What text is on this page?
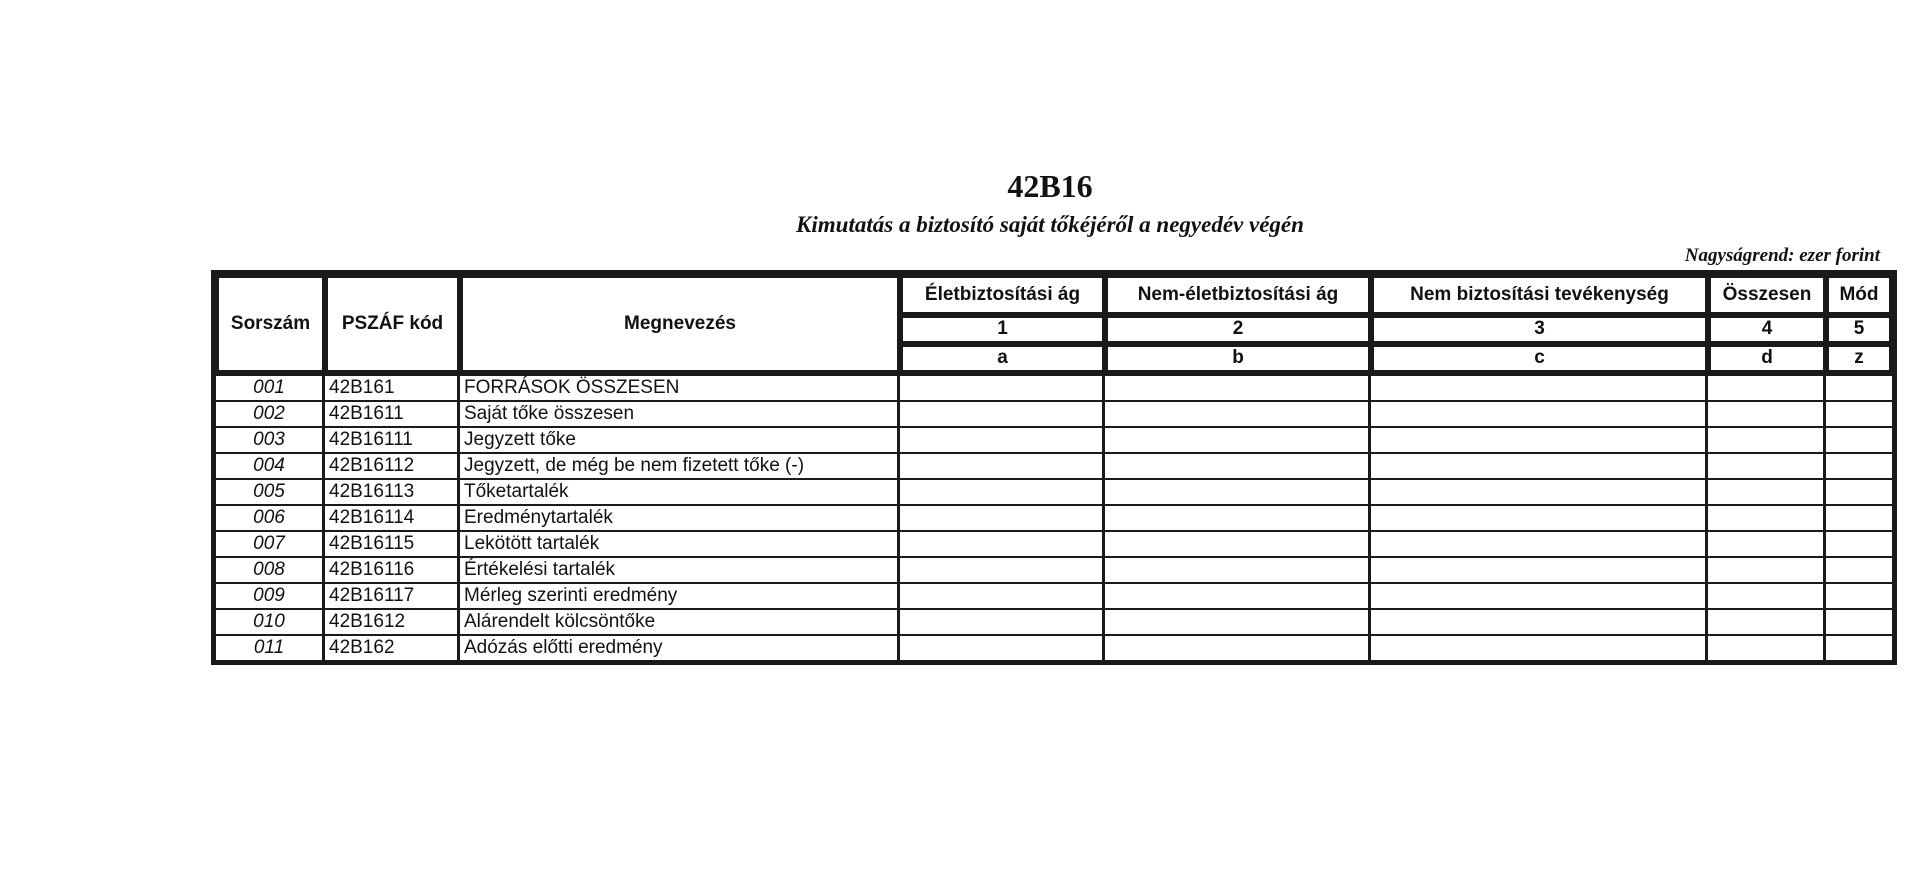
42B16
Kimutatás a biztosító saját tőkéjéről a negyedév végén
Nagyságrend: ezer forint
Sorszám	PSZÁF kód	Megnevezés	Életbiztosítási ág	Nem-életbiztosítási ág	Nem biztosítási tevékenység	Összesen	Mód
			1	2	3	4	5
			a	b	c	d	z
001	42B161	FORRÁSOK ÖSSZESEN					
002	42B1611	Saját tőke összesen					
003	42B16111	Jegyzett tőke					
004	42B16112	Jegyzett, de még be nem fizetett tőke (-)					
005	42B16113	Tőketartalék					
006	42B16114	Eredménytartalék					
007	42B16115	Lekötött tartalék					
008	42B16116	Értékelési tartalék					
009	42B16117	Mérleg szerinti eredmény					
010	42B1612	Alárendelt kölcsöntőke					
011	42B162	Adózás előtti eredmény					
